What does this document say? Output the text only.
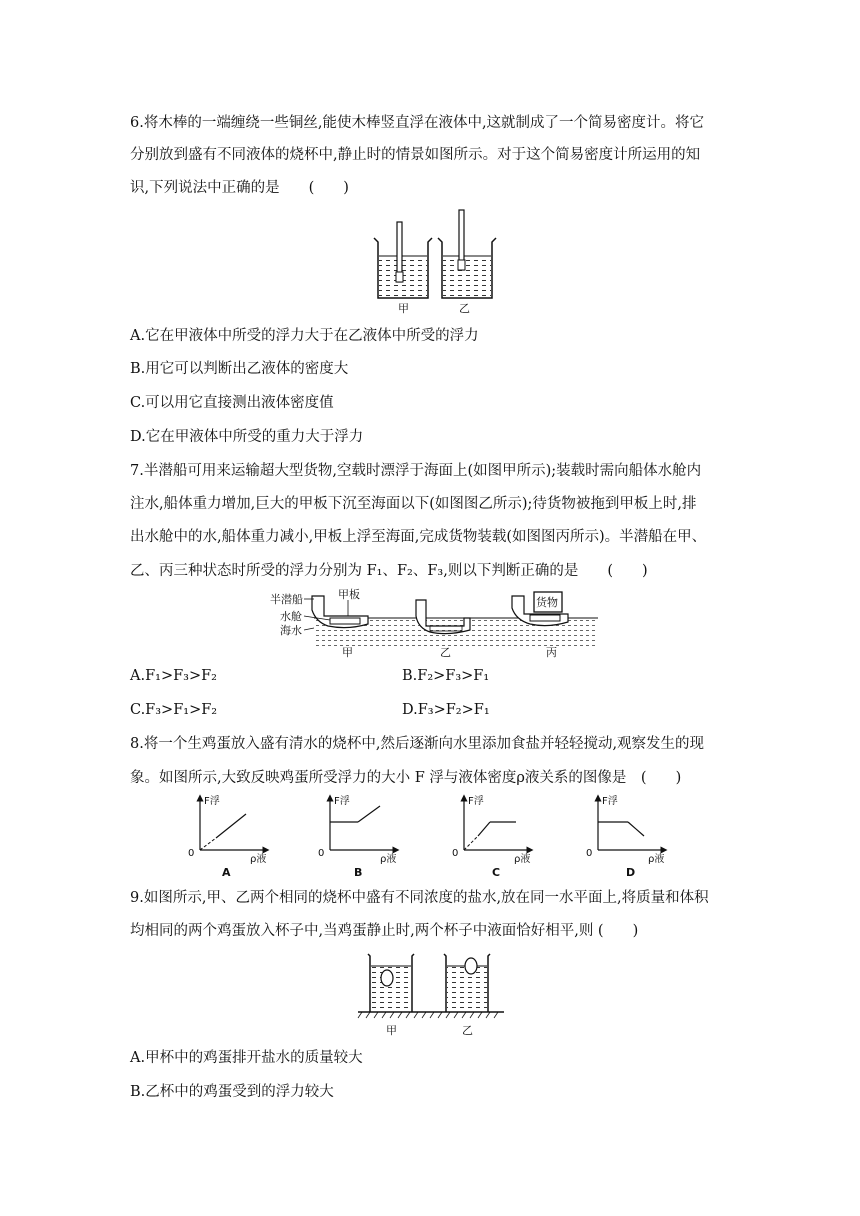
6.将木棒的一端缠绕一些铜丝,能使木棒竖直浮在液体中,这就制成了一个简易密度计。将它
分别放到盛有不同液体的烧杯中,静止时的情景如图所示。对于这个简易密度计所运用的知
识,下列说法中正确的是　　(　　)
甲	乙
A.它在甲液体中所受的浮力大于在乙液体中所受的浮力
B.用它可以判断出乙液体的密度大
C.可以用它直接测出液体密度值
D.它在甲液体中所受的重力大于浮力
7.半潜船可用来运输超大型货物,空载时漂浮于海面上(如图甲所示);装载时需向船体水舱内
注水,船体重力增加,巨大的甲板下沉至海面以下(如图图乙所示);待货物被拖到甲板上时,排
出水舱中的水,船体重力减小,甲板上浮至海面,完成货物装载(如图图丙所示)。半潜船在甲、
乙、丙三种状态时所受的浮力分别为 F₁、F₂、F₃,则以下判断正确的是　　(　　)
货物
半潜船	甲板
水舱
海水
甲	乙	丙
A.F₁>F₃>F₂	B.F₂>F₃>F₁
C.F₃>F₁>F₂	D.F₃>F₂>F₁
8.将一个生鸡蛋放入盛有清水的烧杯中,然后逐渐向水里添加食盐并轻轻搅动,观察发生的现
象。如图所示,大致反映鸡蛋所受浮力的大小 F 浮与液体密度ρ液关系的图像是　(　　)
F浮
ρ液
0
A
F浮
ρ液
0
B
F浮
ρ液
0
C
F浮
ρ液
0
D
9.如图所示,甲、乙两个相同的烧杯中盛有不同浓度的盐水,放在同一水平面上,将质量和体积
均相同的两个鸡蛋放入杯子中,当鸡蛋静止时,两个杯子中液面恰好相平,则 (　　)
甲	乙
A.甲杯中的鸡蛋排开盐水的质量较大
B.乙杯中的鸡蛋受到的浮力较大
